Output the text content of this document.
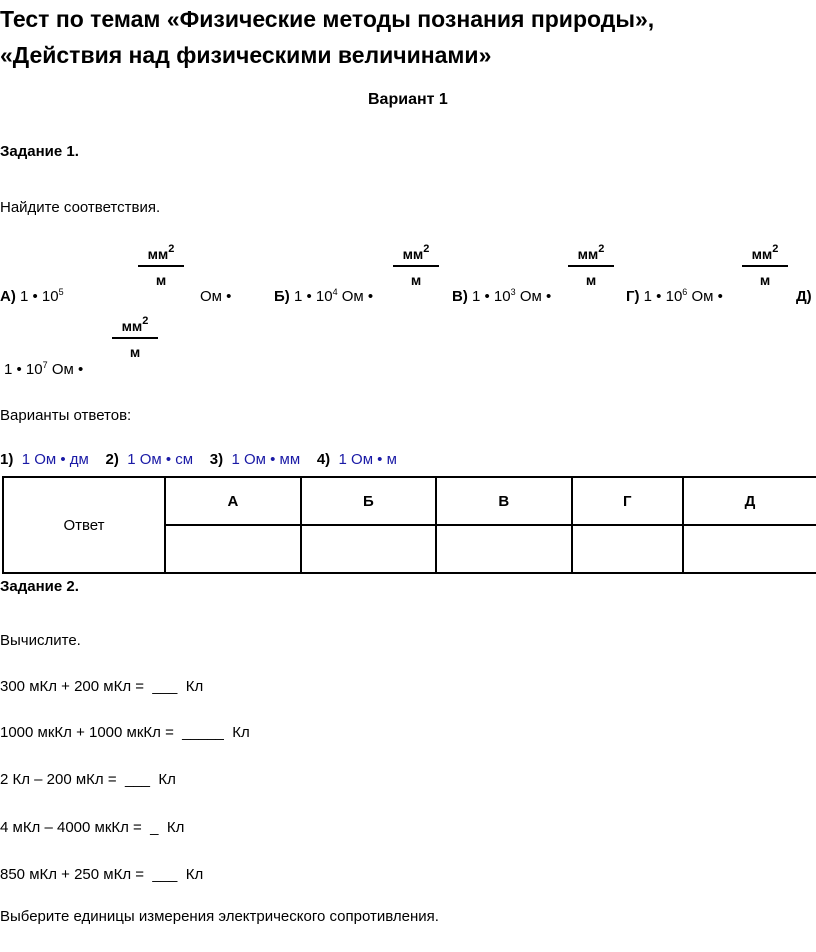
Тест по темам «Физические методы познания природы»,
«Действия над физическими величинами»
Вариант 1
Задание 1.
Найдите соответствия.
$мм^2$
м
$мм^2$
м
$мм^2$
м
$мм^2$
м
$мм^2$
м
А) 1 • $10^5$	Ом •	Б) 1 • $10^4$ Ом •	В) 1 • $10^3$ Ом •	Г) 1 • $10^6$ Ом •	Д)
1 • $10^7$ Ом •
Варианты ответов:
1) 1 Ом • дм 2) 1 Ом • см 3) 1 Ом • мм 4) 1 Ом • м
Ответ	А	Б	В	Г	Д

Задание 2.
Вычислите.
300 мКл + 200 мКл = ___ Кл
1000 мкКл + 1000 мкКл = _____ Кл
2 Кл – 200 мКл = ___ Кл
4 мКл – 4000 мкКл = _ Кл
850 мКл + 250 мКл = ___ Кл
Выберите единицы измерения электрического сопротивления.
